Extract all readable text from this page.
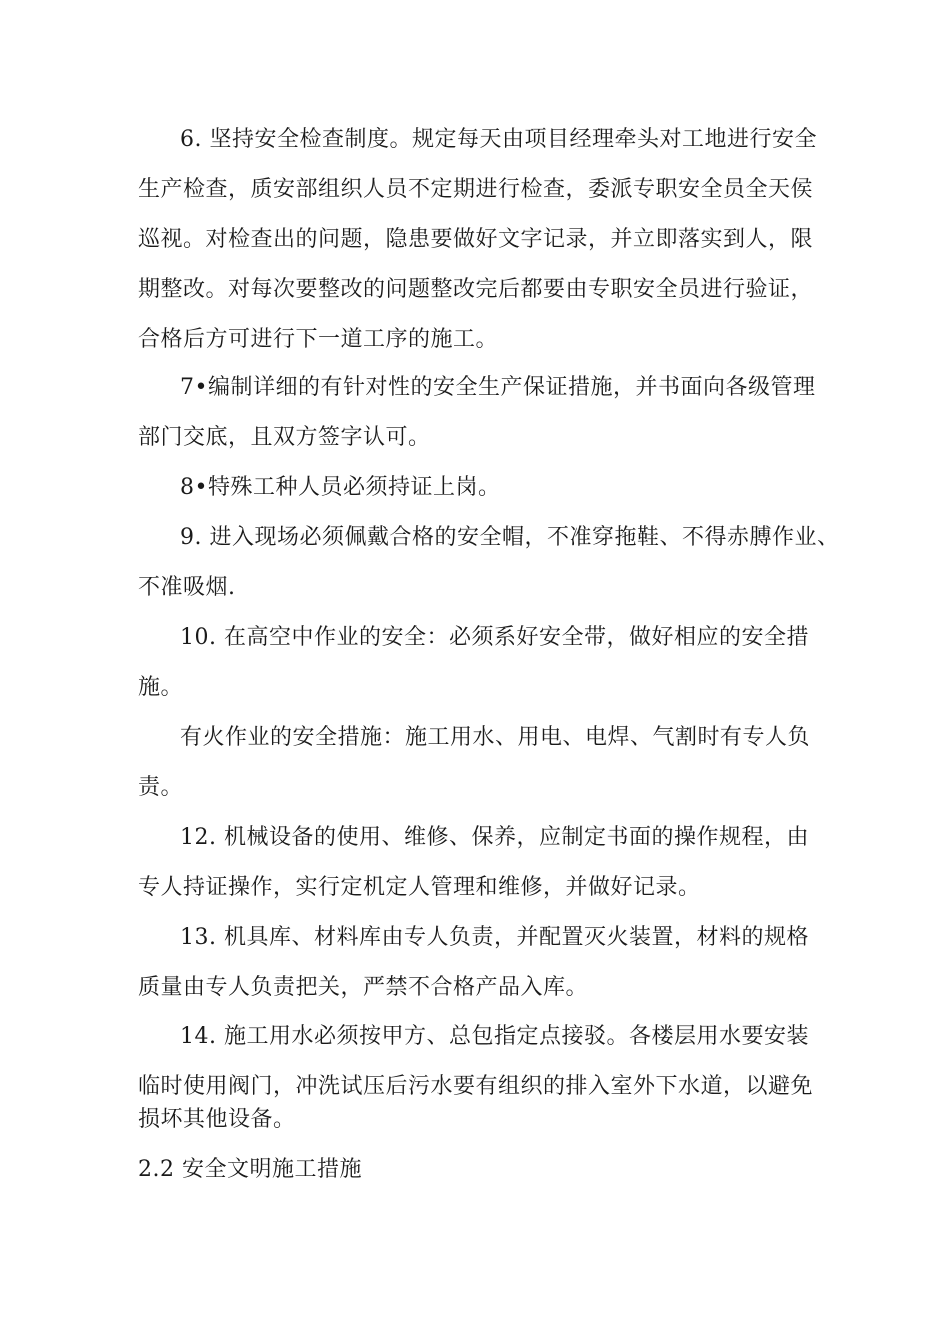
6. 坚持安全检查制度。规定每天由项目经理牵头对工地进行安全
生产检查，质安部组织人员不定期进行检查，委派专职安全员全天侯
巡视。对检查出的问题，隐患要做好文字记录，并立即落实到人，限
期整改。对每次要整改的问题整改完后都要由专职安全员进行验证，
合格后方可进行下一道工序的施工。
7•编制详细的有针对性的安全生产保证措施，并书面向各级管理
部门交底，且双方签字认可。
8•特殊工种人员必须持证上岗。
9. 进入现场必须佩戴合格的安全帽，不准穿拖鞋、不得赤膊作业、
不准吸烟.
10. 在高空中作业的安全：必须系好安全带，做好相应的安全措
施。
有火作业的安全措施：施工用水、用电、电焊、气割时有专人负
责。
12. 机械设备的使用、维修、保养，应制定书面的操作规程，由
专人持证操作，实行定机定人管理和维修，并做好记录。
13. 机具库、材料库由专人负责，并配置灭火装置，材料的规格
质量由专人负责把关，严禁不合格产品入库。
14. 施工用水必须按甲方、总包指定点接驳。各楼层用水要安装
临时使用阀门，冲洗试压后污水要有组织的排入室外下水道，以避免
损坏其他设备。
2.2 安全文明施工措施
